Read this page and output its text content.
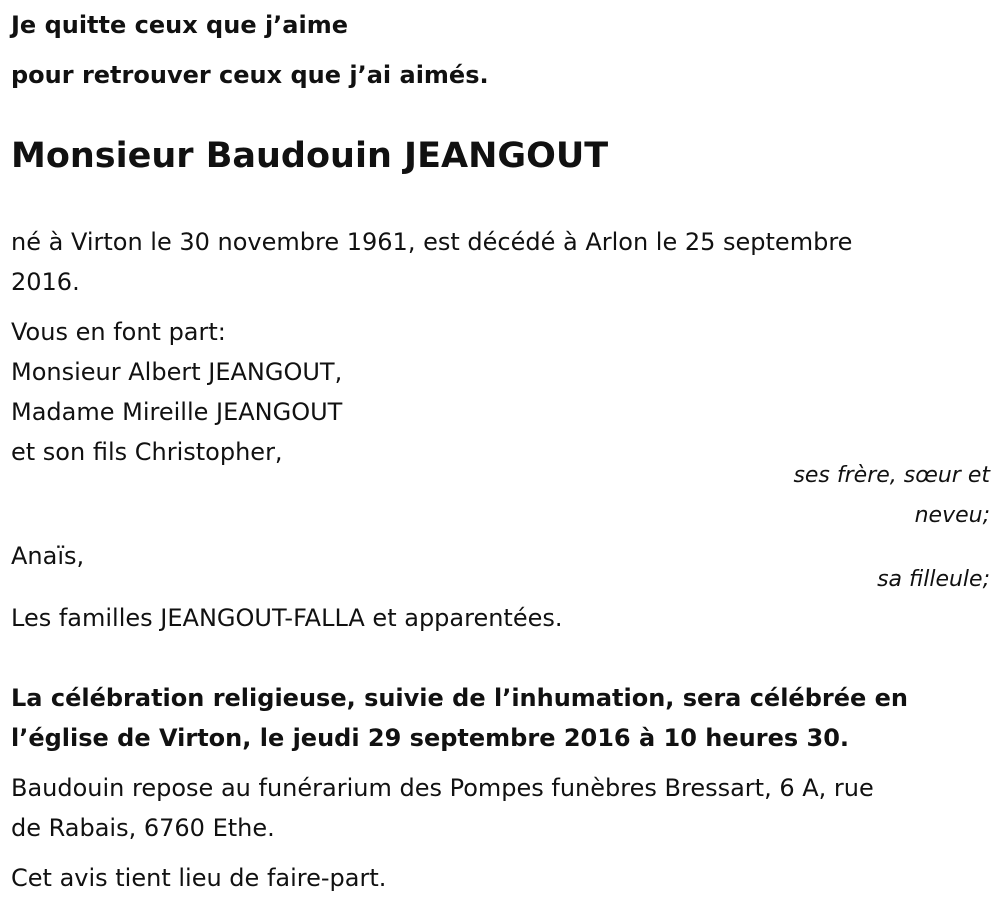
Je quitte ceux que j’aime
pour retrouver ceux que j’ai aimés.
Monsieur Baudouin JEANGOUT
né à Virton le 30 novembre 1961, est décédé à Arlon le 25 septembre
2016.
Vous en font part:
Monsieur Albert JEANGOUT,
Madame Mireille JEANGOUT
et son fils Christopher,
ses frère, sœur et
neveu;
Anaïs,
sa filleule;
Les familles JEANGOUT-FALLA et apparentées.
La célébration religieuse, suivie de l’inhumation, sera célébrée en
l’église de Virton, le jeudi 29 septembre 2016 à 10 heures 30.
Baudouin repose au funérarium des Pompes funèbres Bressart, 6 A, rue
de Rabais, 6760 Ethe.
Cet avis tient lieu de faire-part.
